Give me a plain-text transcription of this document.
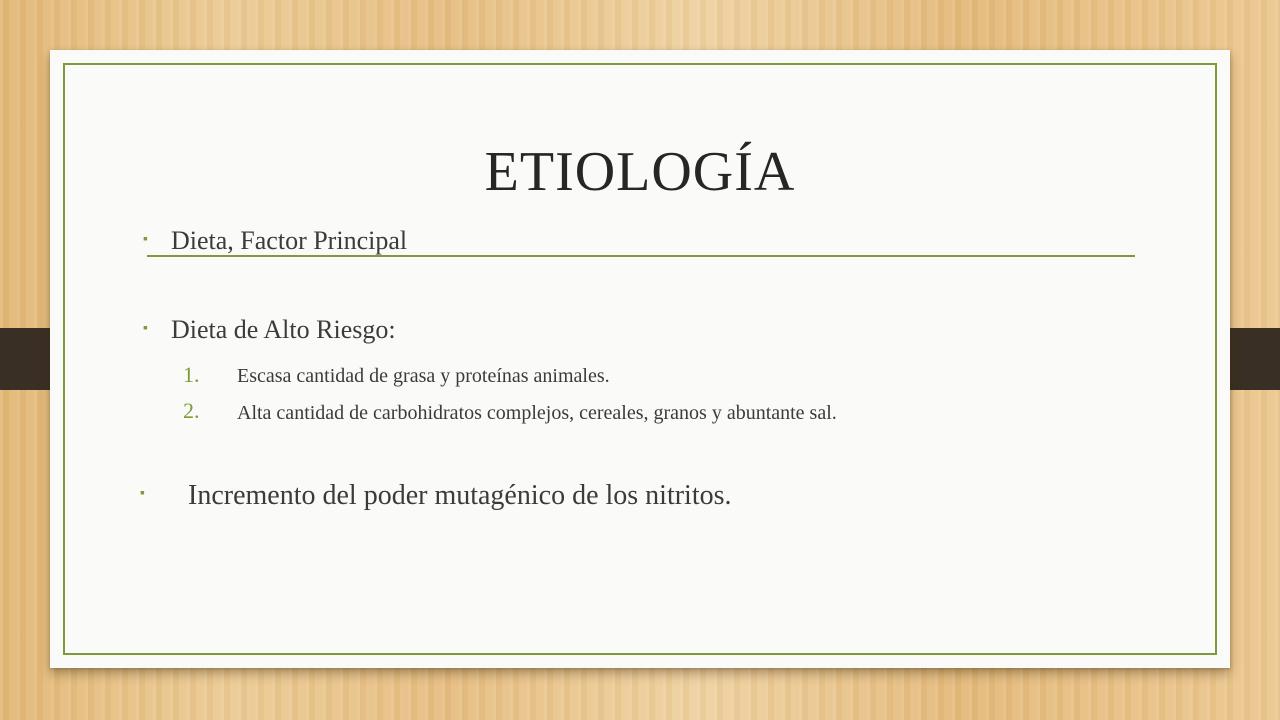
ETIOLOGÍA
▪ Dieta, Factor Principal
▪ Dieta de Alto Riesgo:
1. Escasa cantidad de grasa y proteínas animales.
2. Alta cantidad de carbohidratos complejos, cereales, granos y abuntante sal.
▪ Incremento del poder mutagénico de los nitritos.
